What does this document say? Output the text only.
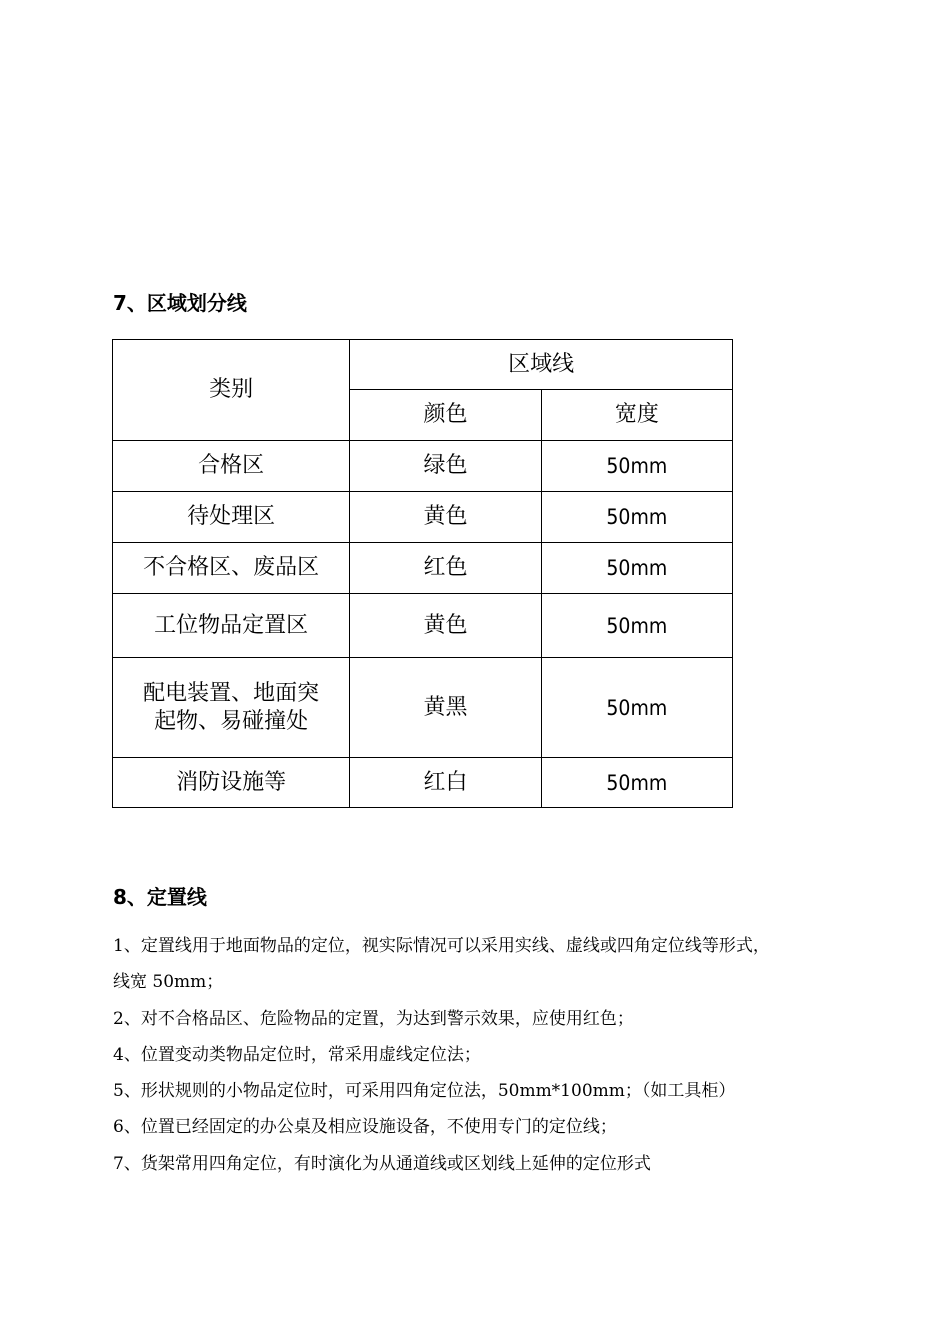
7、区域划分线
类别	区域线	
	颜色	宽度
合格区	绿色	50mm
待处理区	黄色	50mm
不合格区、废品区	红色	50mm
工位物品定置区	黄色	50mm

配电装置、地面突
起物、易碰撞处	黄黑	50mm
消防设施等	红白	50mm
8、定置线
1、定置线用于地面物品的定位，视实际情况可以采用实线、虚线或四角定位线等形式，线宽 50mm；
2、对不合格品区、危险物品的定置，为达到警示效果，应使用红色；
4、位置变动类物品定位时，常采用虚线定位法；
5、形状规则的小物品定位时，可采用四角定位法，50mm*100mm；（如工具柜）
6、位置已经固定的办公桌及相应设施设备，不使用专门的定位线；
7、货架常用四角定位，有时演化为从通道线或区划线上延伸的定位形式
